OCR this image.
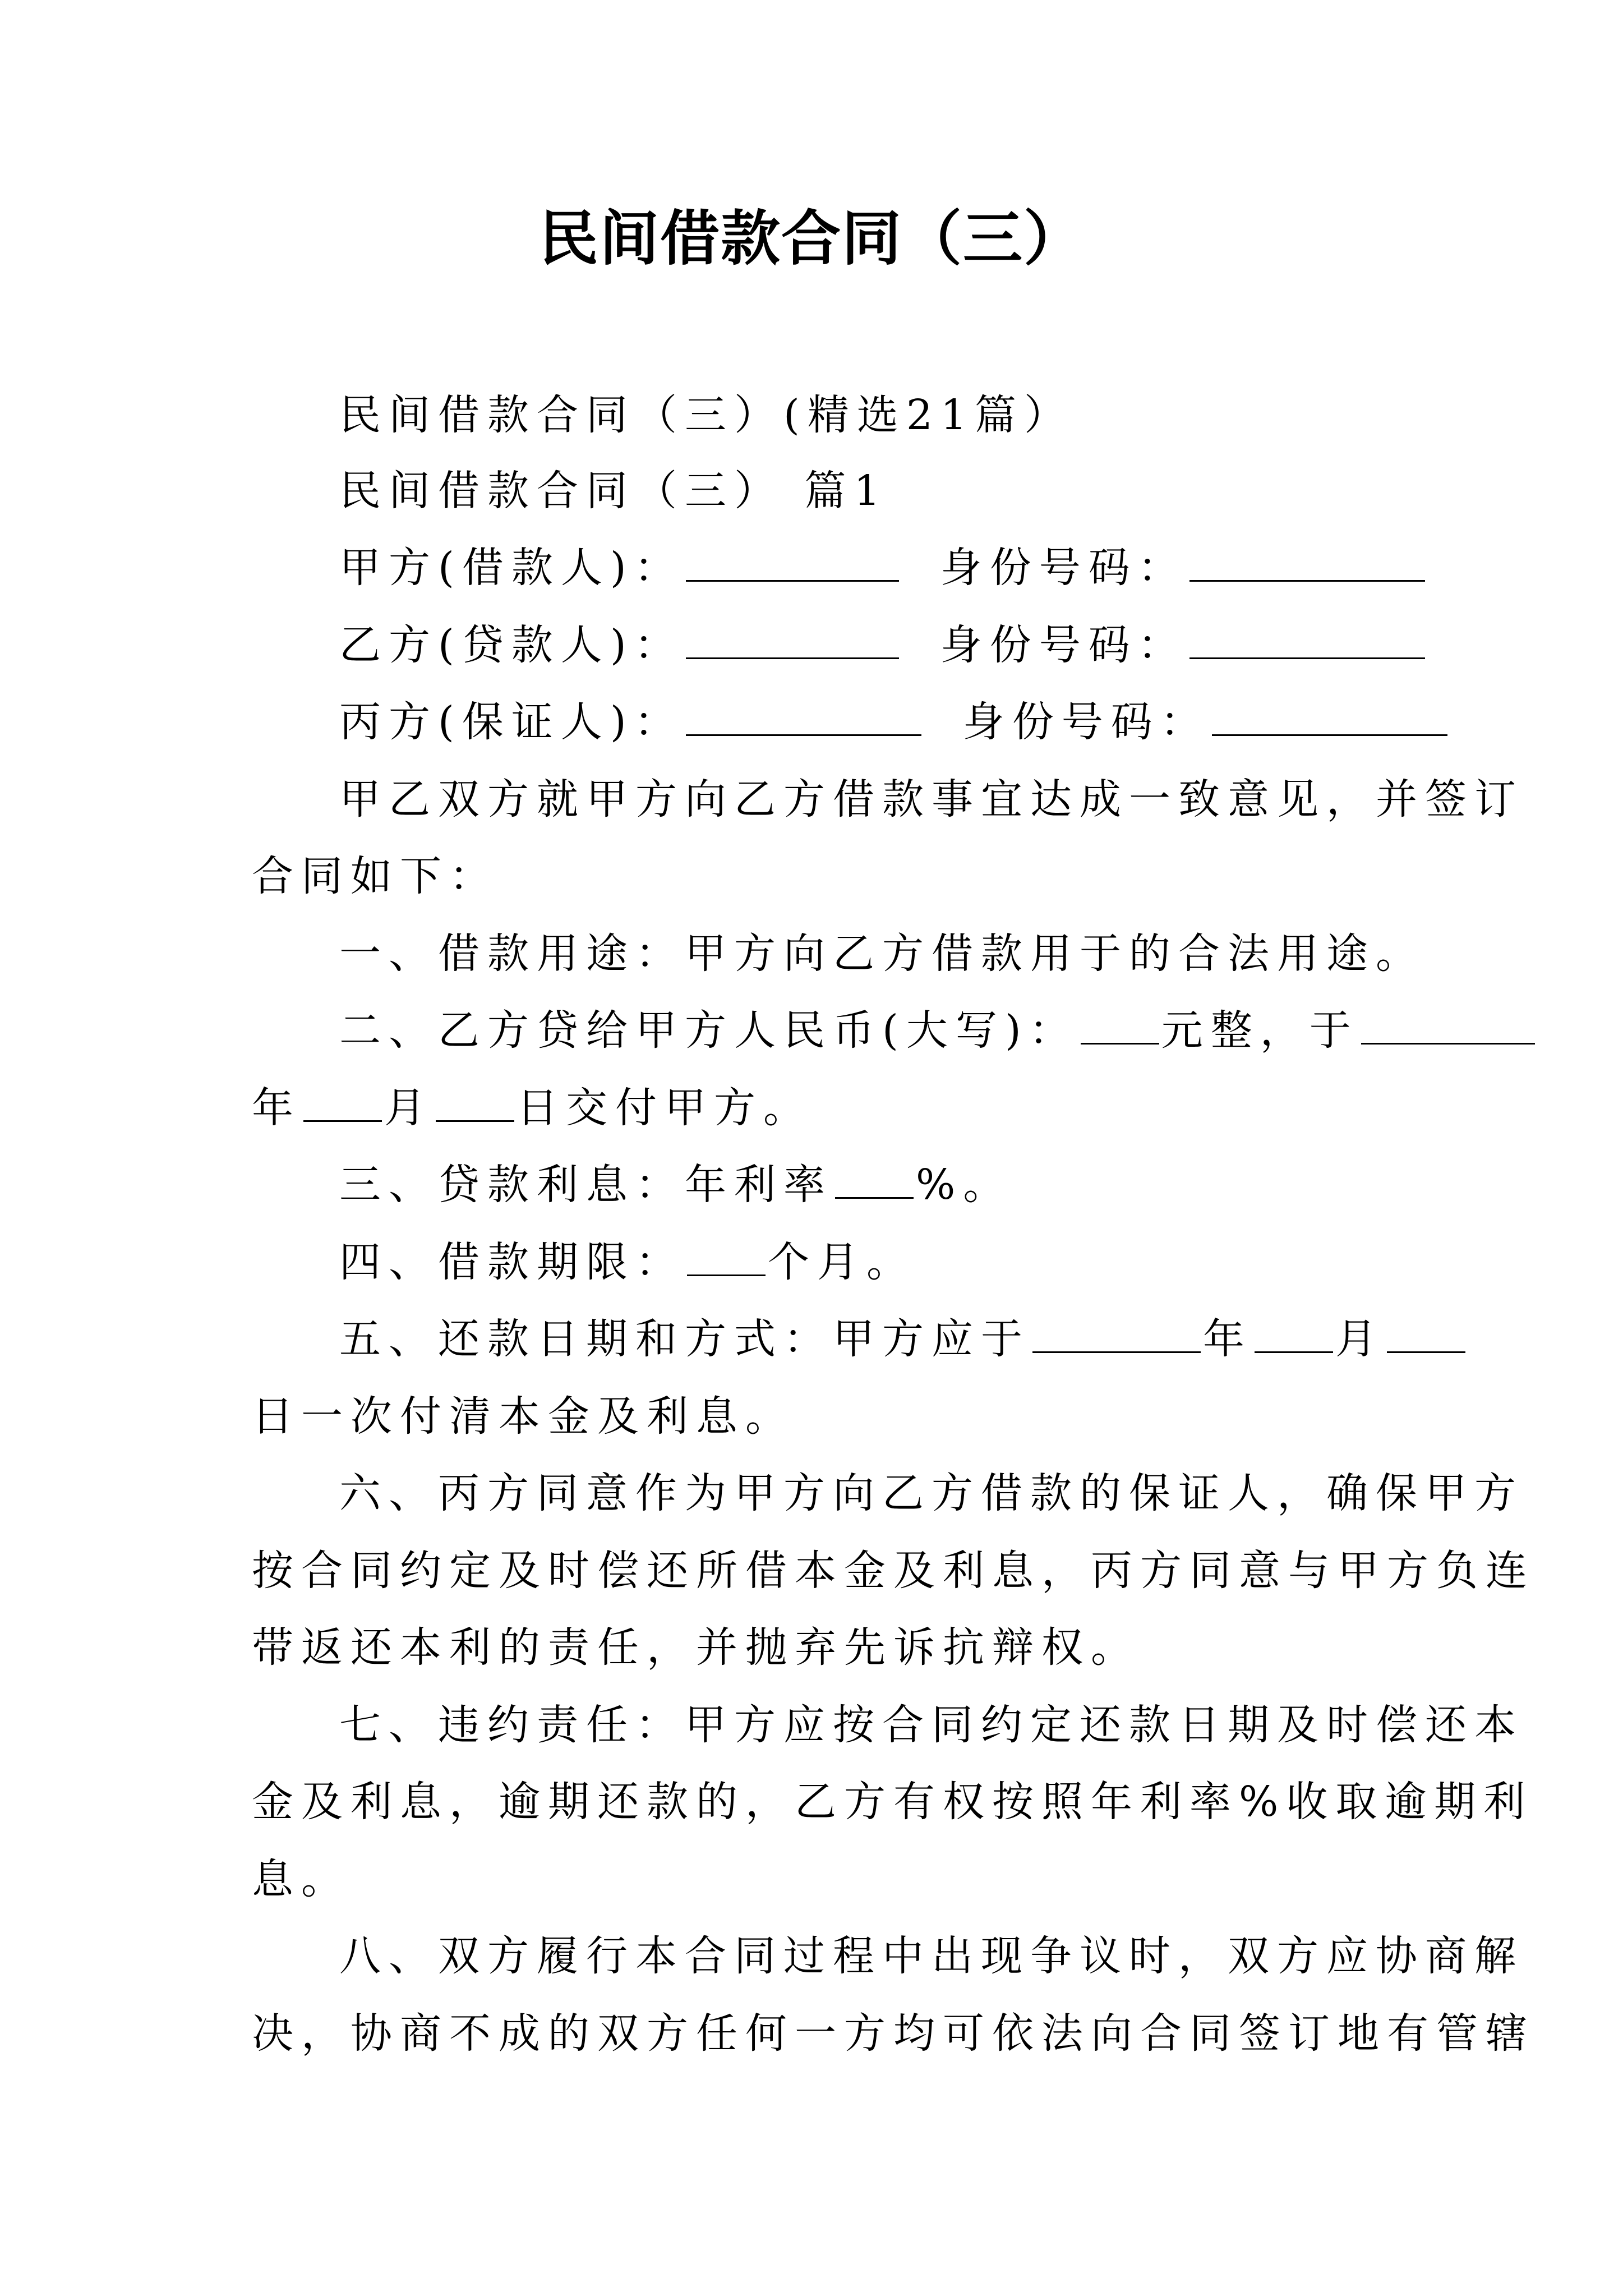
民间借款合同（三）
民间借款合同（三）(精选21篇）
民间借款合同（三） 篇1
甲方(借款人)：	身份号码：
乙方(贷款人)：	身份号码：
丙方(保证人)：	身份号码：
甲乙双方就甲方向乙方借款事宜达成一致意见，并签订
合同如下：
一、借款用途：甲方向乙方借款用于的合法用途。
二、乙方贷给甲方人民币(大写)： 元整，于
年 月 日交付甲方。
三、贷款利息：年利率 %。
四、借款期限： 个月。
五、还款日期和方式：甲方应于	年 月
日一次付清本金及利息。
六、丙方同意作为甲方向乙方借款的保证人，确保甲方
按合同约定及时偿还所借本金及利息，丙方同意与甲方负连
带返还本利的责任，并抛弃先诉抗辩权。
七、违约责任：甲方应按合同约定还款日期及时偿还本
金及利息，逾期还款的，乙方有权按照年利率%收取逾期利
息。
八、双方履行本合同过程中出现争议时，双方应协商解
决，协商不成的双方任何一方均可依法向合同签订地有管辖
